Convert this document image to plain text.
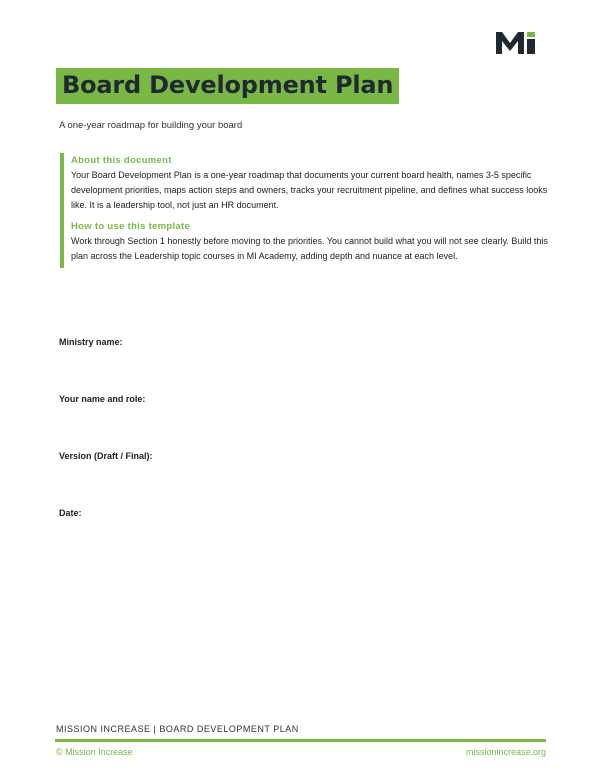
Board Development Plan
A one-year roadmap for building your board
About this document

Your Board Development Plan is a one-year roadmap that documents your current board health, names 3-5 specific development priorities, maps action steps and owners, tracks your recruitment pipeline, and defines what success looks like. It is a leadership tool, not just an HR document.

How to use this template

Work through Section 1 honestly before moving to the priorities. You cannot build what you will not see clearly. Build this plan across the Leadership topic courses in MI Academy, adding depth and nuance at each level.

Ministry name:
Your name and role:
Version (Draft / Final):
Date:
MISSION INCREASE | BOARD DEVELOPMENT PLAN
© Mission Increase	missionincrease.org
